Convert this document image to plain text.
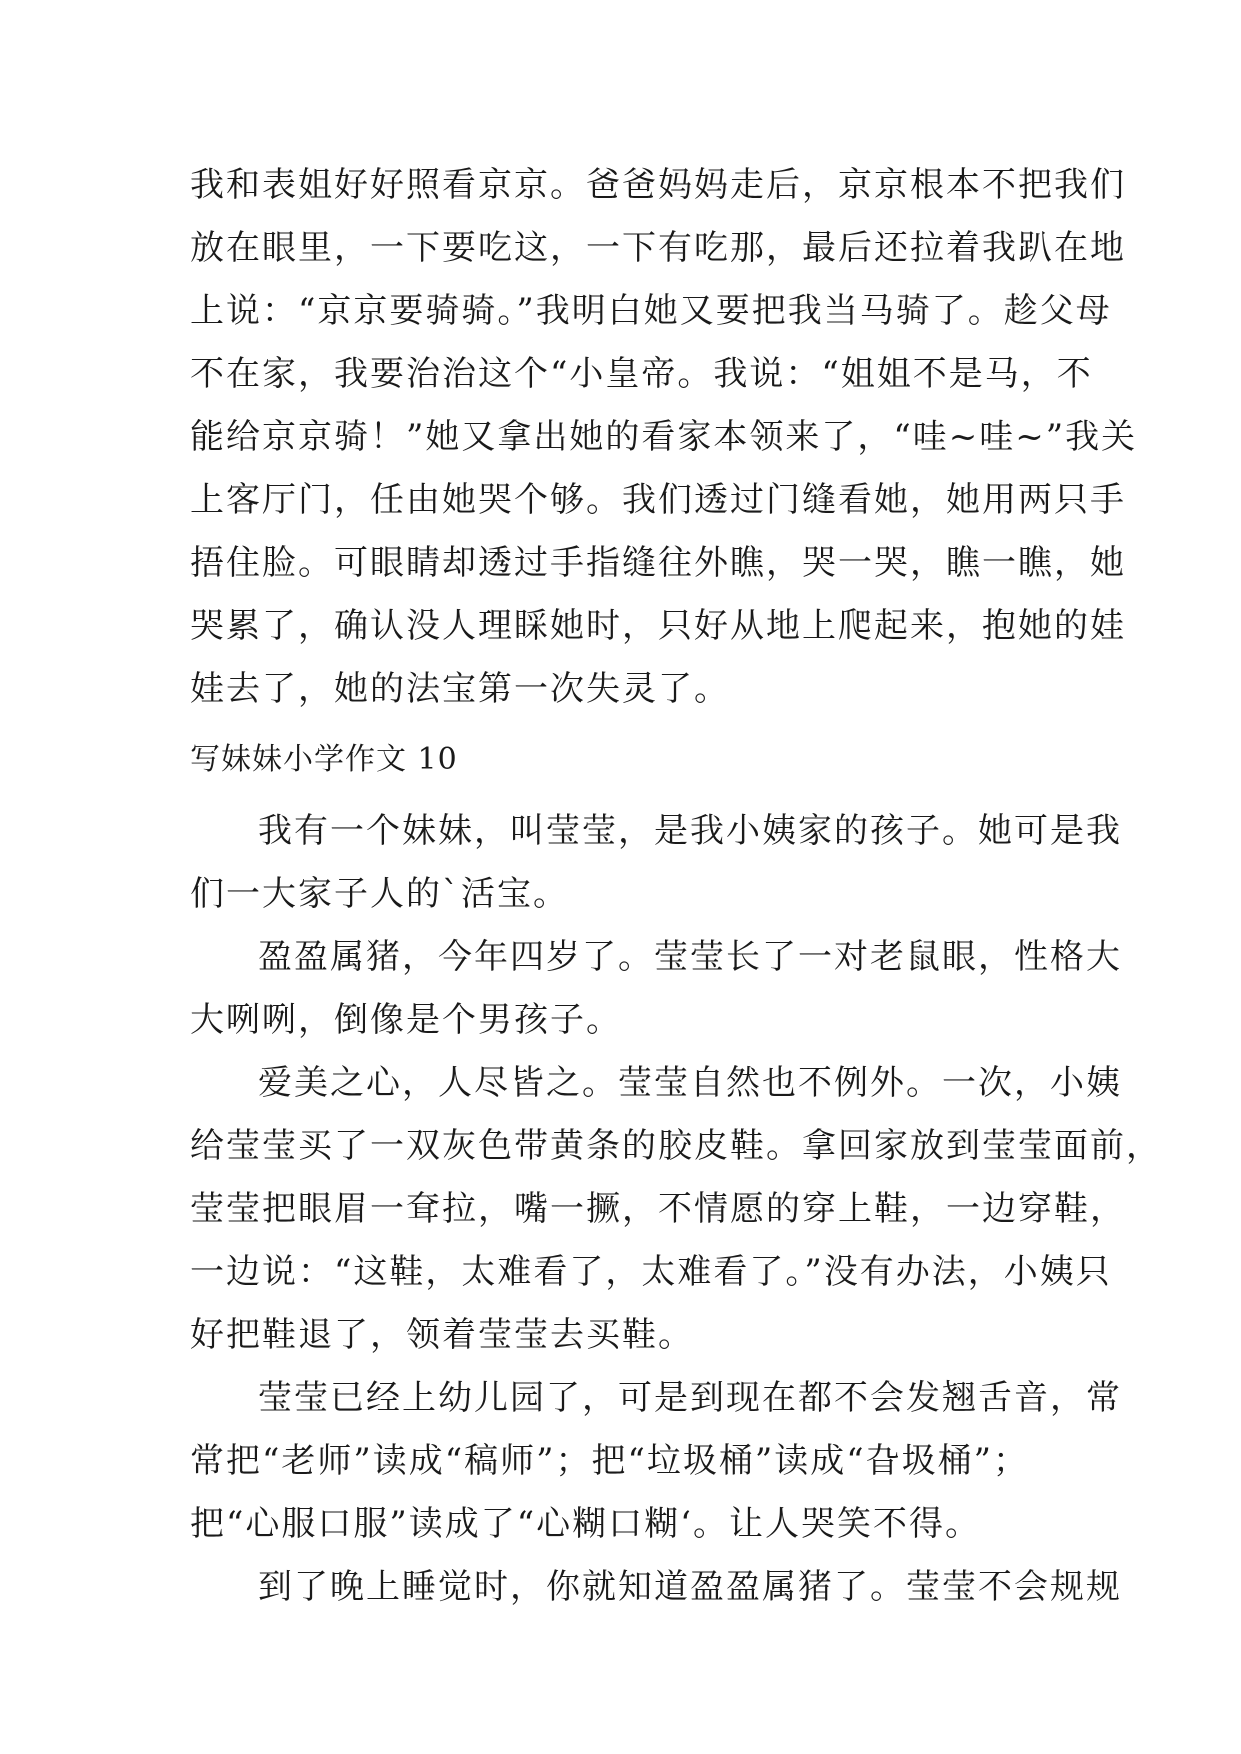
我和表姐好好照看京京。爸爸妈妈走后，京京根本不把我们
放在眼里，一下要吃这，一下有吃那，最后还拉着我趴在地
上说：“京京要骑骑。”我明白她又要把我当马骑了。趁父母
不在家，我要治治这个“小皇帝。我说：“姐姐不是马，不
能给京京骑！”她又拿出她的看家本领来了，“哇~哇~”我关
上客厅门，任由她哭个够。我们透过门缝看她，她用两只手
捂住脸。可眼睛却透过手指缝往外瞧，哭一哭，瞧一瞧，她
哭累了，确认没人理睬她时，只好从地上爬起来，抱她的娃
娃去了，她的法宝第一次失灵了。
写妹妹小学作文 10
我有一个妹妹，叫莹莹，是我小姨家的孩子。她可是我
们一大家子人的`活宝。
盈盈属猪，今年四岁了。莹莹长了一对老鼠眼，性格大
大咧咧，倒像是个男孩子。
爱美之心，人尽皆之。莹莹自然也不例外。一次，小姨
给莹莹买了一双灰色带黄条的胶皮鞋。拿回家放到莹莹面前，
莹莹把眼眉一耷拉，嘴一撅，不情愿的穿上鞋，一边穿鞋，
一边说：“这鞋，太难看了，太难看了。”没有办法，小姨只
好把鞋退了，领着莹莹去买鞋。
莹莹已经上幼儿园了，可是到现在都不会发翘舌音，常
常把“老师”读成“稿师”；把“垃圾桶”读成“旮圾桶”；
把“心服口服”读成了“心糊口糊‘。让人哭笑不得。
到了晚上睡觉时，你就知道盈盈属猪了。莹莹不会规规
